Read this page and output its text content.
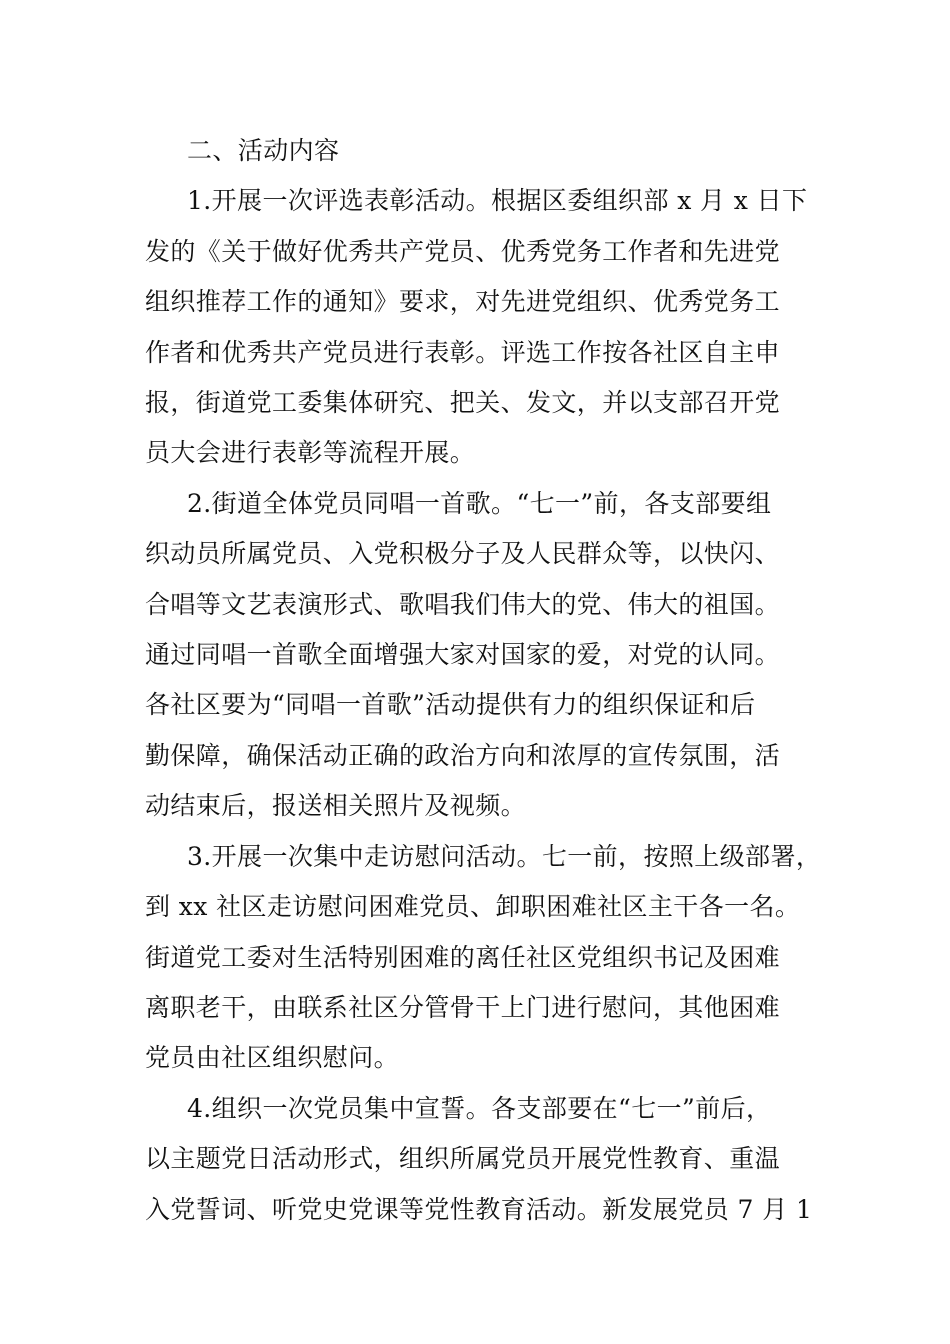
二、活动内容
1.开展一次评选表彰活动。根据区委组织部 x 月 x 日下
发的《关于做好优秀共产党员、优秀党务工作者和先进党
组织推荐工作的通知》要求，对先进党组织、优秀党务工
作者和优秀共产党员进行表彰。评选工作按各社区自主申
报，街道党工委集体研究、把关、发文，并以支部召开党
员大会进行表彰等流程开展。
2.街道全体党员同唱一首歌。“七一”前，各支部要组
织动员所属党员、入党积极分子及人民群众等，以快闪、
合唱等文艺表演形式、歌唱我们伟大的党、伟大的祖国。
通过同唱一首歌全面增强大家对国家的爱，对党的认同。
各社区要为“同唱一首歌”活动提供有力的组织保证和后
勤保障，确保活动正确的政治方向和浓厚的宣传氛围，活
动结束后，报送相关照片及视频。
3.开展一次集中走访慰问活动。七一前，按照上级部署，
到 xx 社区走访慰问困难党员、卸职困难社区主干各一名。
街道党工委对生活特别困难的离任社区党组织书记及困难
离职老干，由联系社区分管骨干上门进行慰问，其他困难
党员由社区组织慰问。
4.组织一次党员集中宣誓。各支部要在“七一”前后，
以主题党日活动形式，组织所属党员开展党性教育、重温
入党誓词、听党史党课等党性教育活动。新发展党员 7 月 1
